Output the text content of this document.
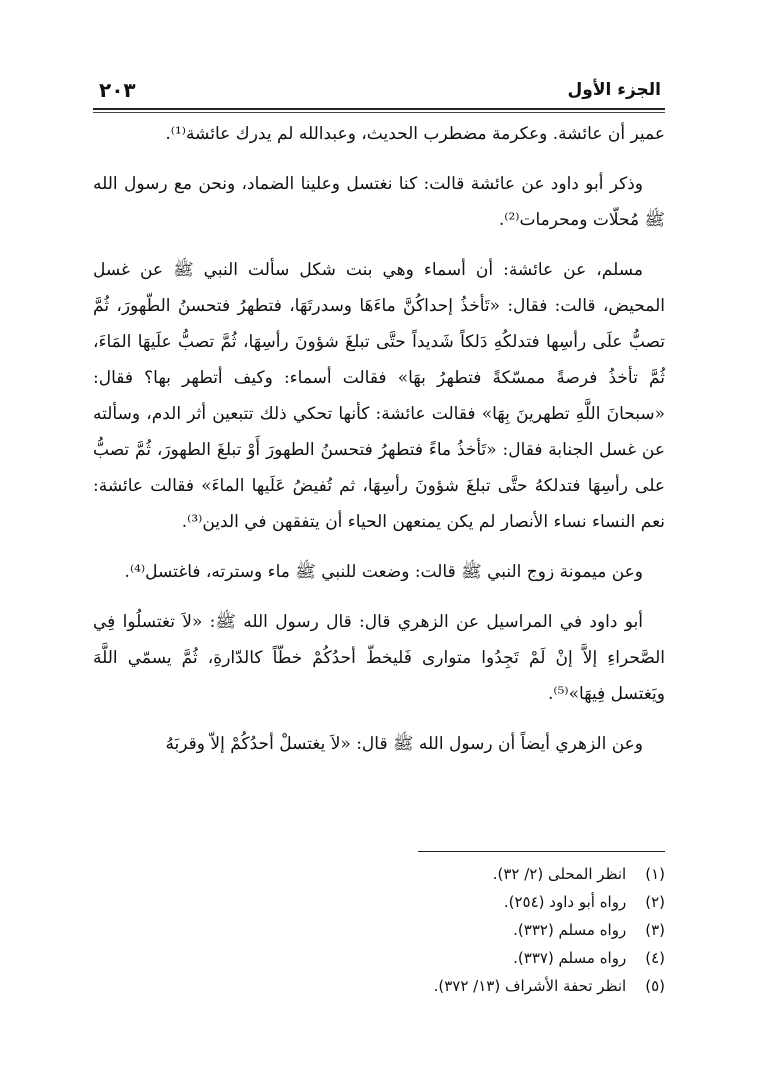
الجزء الأول
٢٠٣

عمير أن عائشة. وعكرمة مضطرب الحديث، وعبدالله لم يدرك عائشة⁽¹⁾.

وذكر أبو داود عن عائشة قالت: كنا نغتسل وعلينا الضماد، ونحن مع رسول الله ﷺ مُحلّات ومحرمات⁽²⁾.

مسلم، عن عائشة: أن أسماء وهي بنت شكل سألت النبي ﷺ عن غسل المحيض، قالت: فقال: «تَأخذُ إحداكُنَّ ماءَهَا وسدرتَهَا، فتطهرُ فتحسنُ الطّهورَ، ثُمَّ تصبُّ علَى رأسِها فتدلكُهِ دَلكاً شَديداً حتَّى تبلغَ شؤونَ رأسِهَا، ثُمَّ تصبُّ علَيهَا المَاءَ، ثُمَّ تأخذُ فرصةً ممسّكةً فتطهرُ بهَا» فقالت أسماء: وكيف أتطهر بها؟ فقال: «سبحانَ اللَّهِ تطهرينَ بِهَا» فقالت عائشة: كأنها تحكي ذلك تتبعين أثر الدم، وسألته عن غسل الجنابة فقال: «تَأخذُ ماءً فتطهرُ فتحسنُ الطهورَ أَوْ تبلغَ الطهورَ، ثُمَّ تصبُّ على رأسِهَا فتدلكهُ حتَّى تبلغَ شؤونَ رأسِهَا، ثم تُفيضُ عَلَيها الماءَ» فقالت عائشة: نعم النساء نساء الأنصار لم يكن يمنعهن الحياء أن يتفقهن في الدين⁽³⁾.

وعن ميمونة زوج النبي ﷺ قالت: وضعت للنبي ﷺ ماء وسترته، فاغتسل⁽⁴⁾.

أبو داود في المراسيل عن الزهري قال: قال رسول الله ﷺ: «لاَ تغتسلُوا فِي الصَّحراءِ إلاَّ إنْ لَمْ تَجِدُوا متوارى فَليخطّ أحدُكُمْ خطّاً كالدّارةِ، ثُمَّ يسمّي اللَّهَ ويَغتسل فِيهَا»⁽⁵⁾.

وعن الزهري أيضاً أن رسول الله ﷺ قال: «لاَ يغتسلْ أحدُكُمْ إلاّ وقربَهُ

(١) انظر المحلى (٢/ ٣٢).
(٢) رواه أبو داود (٢٥٤).
(٣) رواه مسلم (٣٣٢).
(٤) رواه مسلم (٣٣٧).
(٥) انظر تحفة الأشراف (١٣/ ٣٧٢).
